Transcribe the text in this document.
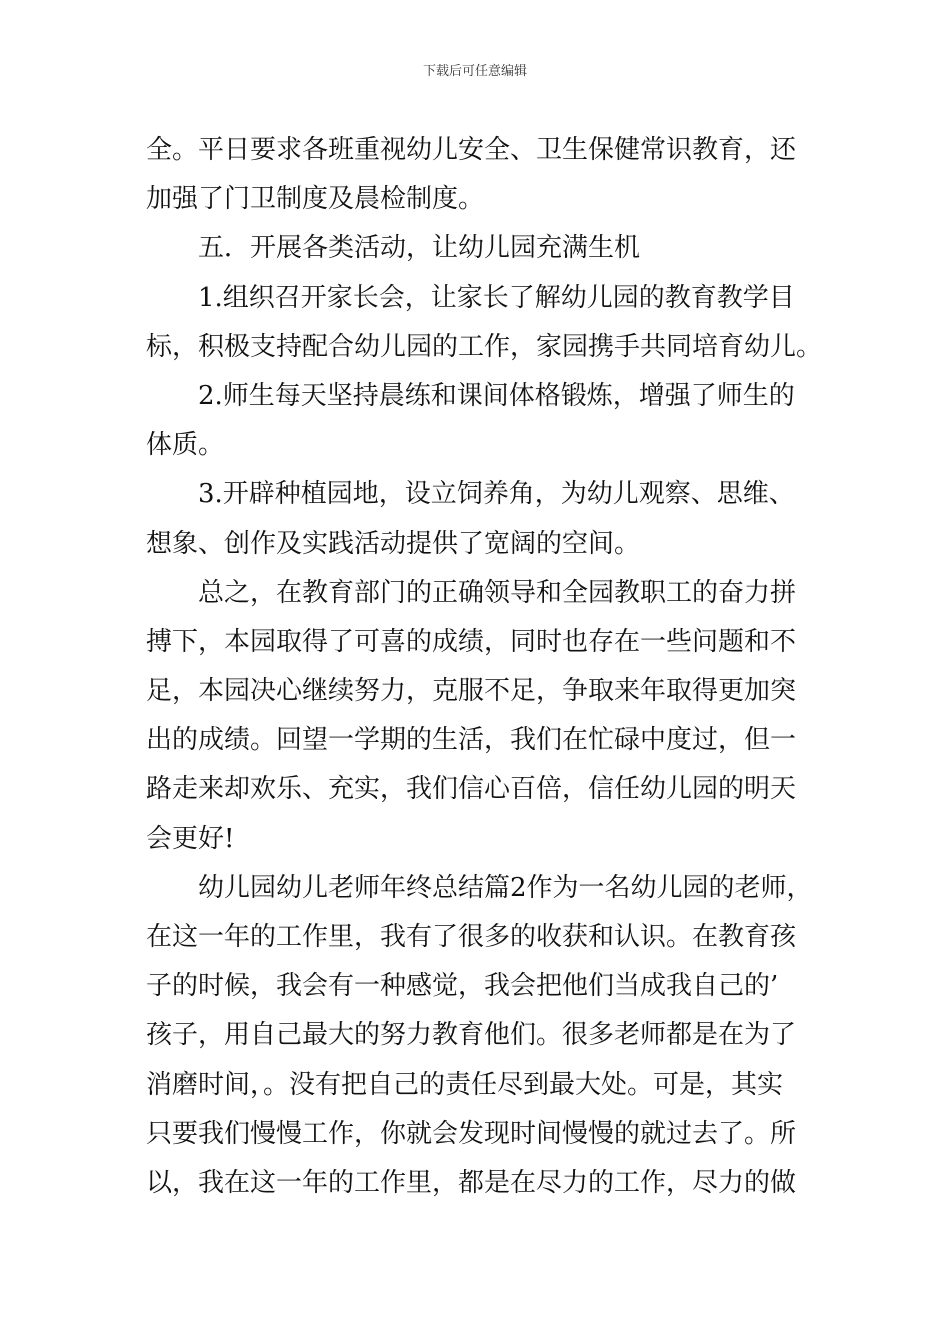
下载后可任意编辑
全。平日要求各班重视幼儿安全、卫生保健常识教育，还
加强了门卫制度及晨检制度。
五．开展各类活动，让幼儿园充满生机
1.组织召开家长会，让家长了解幼儿园的教育教学目
标，积极支持配合幼儿园的工作，家园携手共同培育幼儿。
2.师生每天坚持晨练和课间体格锻炼，增强了师生的
体质。
3.开辟种植园地，设立饲养角，为幼儿观察、思维、
想象、创作及实践活动提供了宽阔的空间。
总之，在教育部门的正确领导和全园教职工的奋力拼
搏下，本园取得了可喜的成绩，同时也存在一些问题和不
足，本园决心继续努力，克服不足，争取来年取得更加突
出的成绩。回望一学期的生活，我们在忙碌中度过，但一
路走来却欢乐、充实，我们信心百倍，信任幼儿园的明天
会更好!
幼儿园幼儿老师年终总结篇2作为一名幼儿园的老师，
在这一年的工作里，我有了很多的收获和认识。在教育孩
子的时候，我会有一种感觉，我会把他们当成我自己的’
孩子，用自己最大的努力教育他们。很多老师都是在为了
消磨时间，。没有把自己的责任尽到最大处。可是，其实
只要我们慢慢工作，你就会发现时间慢慢的就过去了。所
以，我在这一年的工作里，都是在尽力的工作，尽力的做
